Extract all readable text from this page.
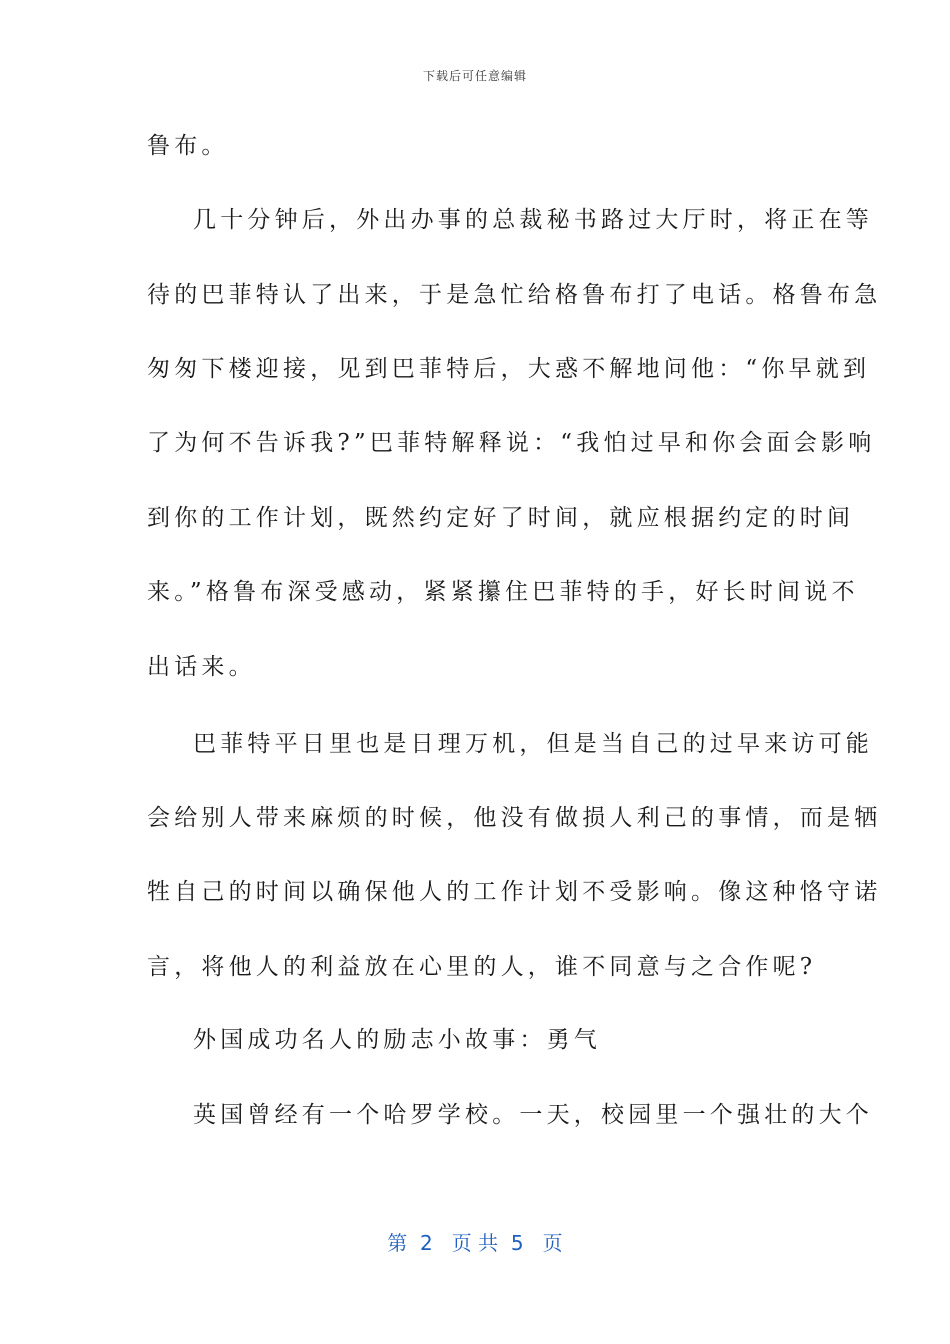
下载后可任意编辑
鲁布。
几十分钟后，外出办事的总裁秘书路过大厅时，将正在等
待的巴菲特认了出来，于是急忙给格鲁布打了电话。格鲁布急
匆匆下楼迎接，见到巴菲特后，大惑不解地问他：“你早就到
了为何不告诉我?”巴菲特解释说：“我怕过早和你会面会影响
到你的工作计划，既然约定好了时间，就应根据约定的时间
来。”格鲁布深受感动，紧紧攥住巴菲特的手，好长时间说不
出话来。
巴菲特平日里也是日理万机，但是当自己的过早来访可能
会给别人带来麻烦的时候，他没有做损人利己的事情，而是牺
牲自己的时间以确保他人的工作计划不受影响。像这种恪守诺
言，将他人的利益放在心里的人，谁不同意与之合作呢?
外国成功名人的励志小故事：勇气
英国曾经有一个哈罗学校。一天，校园里一个强壮的大个
第  2   页 共  5   页
